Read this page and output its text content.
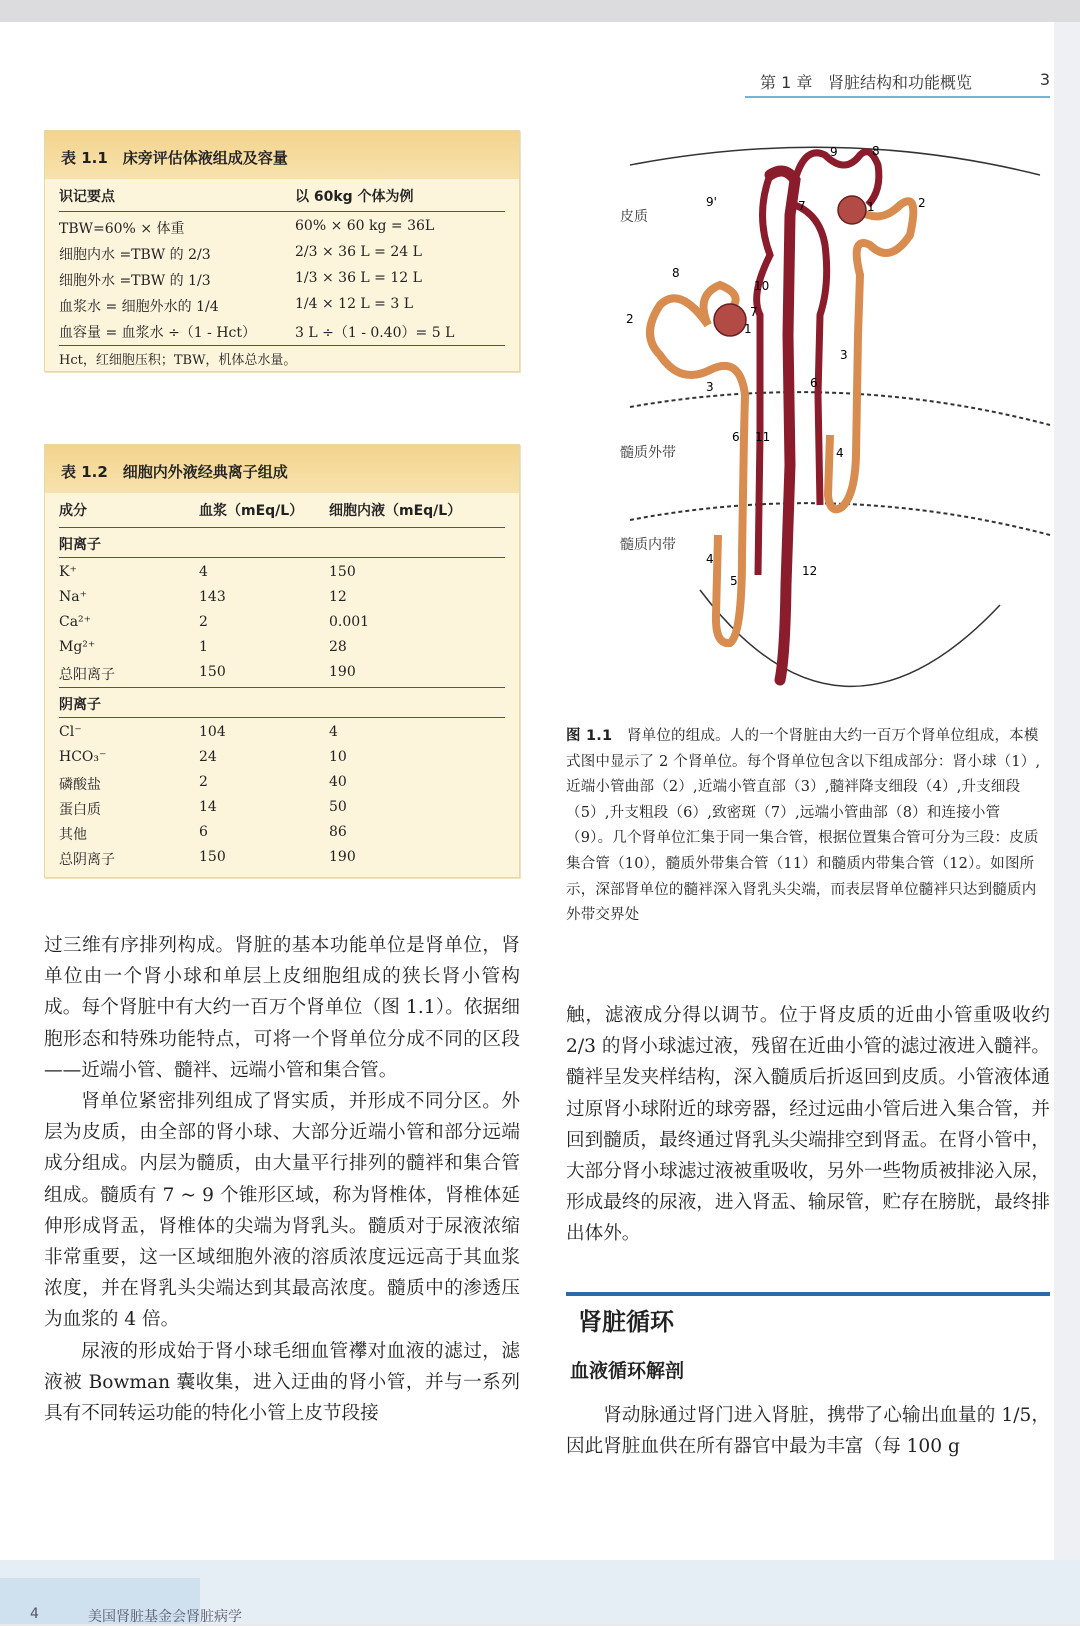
第 1 章 肾脏结构和功能概览	3
表 1.1　床旁评估体液组成及容量
识记要点	以 60kg 个体为例
TBW=60% × 体重	60% × 60 kg = 36L
细胞内水 =TBW 的 2/3	2/3 × 36 L = 24 L
细胞外水 =TBW 的 1/3	1/3 × 36 L = 12 L
血浆水 = 细胞外水的 1/4	1/4 × 12 L = 3 L
血容量 = 血浆水 ÷（1 - Hct）	3 L ÷（1 - 0.40）= 5 L
Hct，红细胞压积；TBW，机体总水量。
表 1.2　细胞内外液经典离子组成
成分	血浆（mEq/L） 细胞内液（mEq/L）
阳离子
K⁺	4	150
Na⁺	143	12
Ca²⁺	2	0.001
Mg²⁺	1	28
总阳离子	150	190
阴离子
Cl⁻	104	4
HCO₃⁻	24	10
磷酸盐	2	40
蛋白质	14	50
其他	6	86
总阴离子	150	190
皮质
髓质外带
髓质内带
9	8
9'	7	1	2
8
10
7
2
1
3
3	6
6 11
4
4
5
12
图 1.1　肾单位的组成。人的一个肾脏由大约一百万个肾单位组成，本模式图中显示了 2 个肾单位。每个肾单位包含以下组成部分：肾小球（1）,近端小管曲部（2）,近端小管直部（3）,髓袢降支细段（4）,升支细段（5）,升支粗段（6）,致密斑（7）,远端小管曲部（8）和连接小管（9）。几个肾单位汇集于同一集合管，根据位置集合管可分为三段：皮质集合管（10），髓质外带集合管（11）和髓质内带集合管（12）。如图所示，深部肾单位的髓袢深入肾乳头尖端，而表层肾单位髓袢只达到髓质内外带交界处

过三维有序排列构成。肾脏的基本功能单位是肾单位，肾单位由一个肾小球和单层上皮细胞组成的狭长肾小管构成。每个肾脏中有大约一百万个肾单位（图 1.1）。依据细胞形态和特殊功能特点，可将一个肾单位分成不同的区段——近端小管、髓袢、远端小管和集合管。

肾单位紧密排列组成了肾实质，并形成不同分区。外层为皮质，由全部的肾小球、大部分近端小管和部分远端成分组成。内层为髓质，由大量平行排列的髓袢和集合管组成。髓质有 7 ~ 9 个锥形区域，称为肾椎体，肾椎体延伸形成肾盂，肾椎体的尖端为肾乳头。髓质对于尿液浓缩非常重要，这一区域细胞外液的溶质浓度远远高于其血浆浓度，并在肾乳头尖端达到其最高浓度。髓质中的渗透压为血浆的 4 倍。

尿液的形成始于肾小球毛细血管襻对血液的滤过，滤液被 Bowman 囊收集，进入迂曲的肾小管，并与一系列具有不同转运功能的特化小管上皮节段接

触，滤液成分得以调节。位于肾皮质的近曲小管重吸收约 2/3 的肾小球滤过液，残留在近曲小管的滤过液进入髓袢。髓袢呈发夹样结构，深入髓质后折返回到皮质。小管液体通过原肾小球附近的球旁器，经过远曲小管后进入集合管，并回到髓质，最终通过肾乳头尖端排空到肾盂。在肾小管中，大部分肾小球滤过液被重吸收，另外一些物质被排泌入尿，形成最终的尿液，进入肾盂、输尿管，贮存在膀胱，最终排出体外。

肾脏循环
血液循环解剖

肾动脉通过肾门进入肾脏，携带了心输出血量的 1/5，因此肾脏血供在所有器官中最为丰富（每 100 g

4	美国肾脏基金会肾脏病学
